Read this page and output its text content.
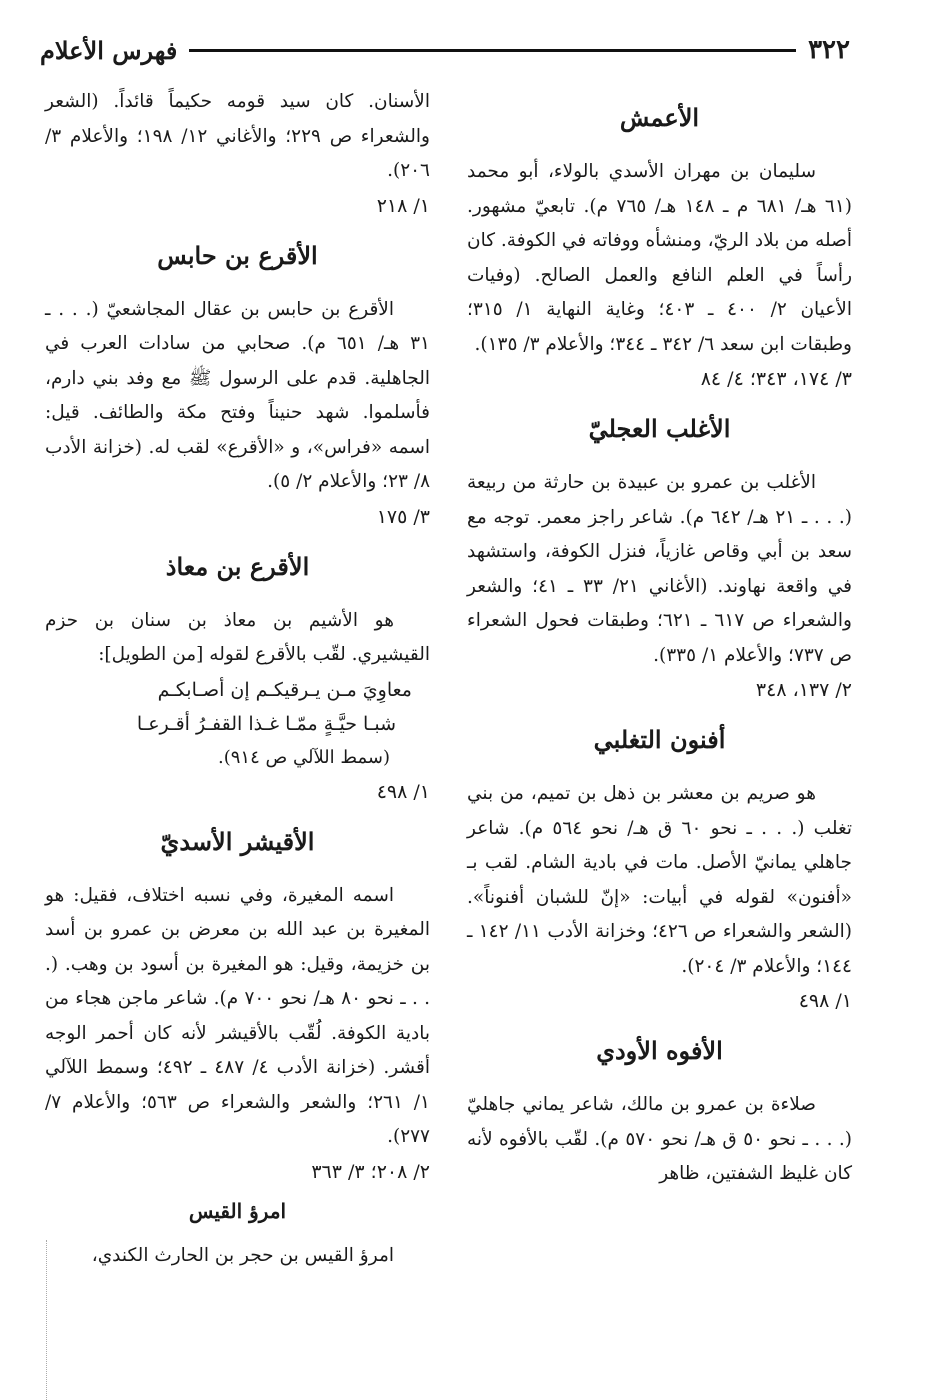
٣٢٢
فهرس الأعلام
الأعمش

سليمان بن مهران الأسدي بالولاء، أبو محمد (٦١ هـ/ ٦٨١ م ـ ١٤٨ هـ/ ٧٦٥ م). تابعيّ مشهور. أصله من بلاد الريّ، ومنشأه ووفاته في الكوفة. كان رأساً في العلم النافع والعمل الصالح. (وفيات الأعيان ٢/ ٤٠٠ ـ ٤٠٣؛ وغاية النهاية ١/ ٣١٥؛ وطبقات ابن سعد ٦/ ٣٤٢ ـ ٣٤٤؛ والأعلام ٣/ ١٣٥).

٣/ ١٧٤، ٣٤٣؛ ٤/ ٨٤

الأغلب العجليّ

الأغلب بن عمرو بن عبيدة بن حارثة من ربيعة (. . . ـ ٢١ هـ/ ٦٤٢ م). شاعر راجز معمر. توجه مع سعد بن أبي وقاص غازياً، فنزل الكوفة، واستشهد في واقعة نهاوند. (الأغاني ٢١/ ٣٣ ـ ٤١؛ والشعر والشعراء ص ٦١٧ ـ ٦٢١؛ وطبقات فحول الشعراء ص ٧٣٧؛ والأعلام ١/ ٣٣٥).

٢/ ١٣٧، ٣٤٨

أفنون التغلبي

هو صريم بن معشر بن ذهل بن تميم، من بني تغلب (. . . ـ نحو ٦٠ ق هـ/ نحو ٥٦٤ م). شاعر جاهلي يمانيّ الأصل. مات في بادية الشام. لقب بـ «أفنون» لقوله في أبيات: «إنّ للشبان أفنوناً». (الشعر والشعراء ص ٤٢٦؛ وخزانة الأدب ١١/ ١٤٢ ـ ١٤٤؛ والأعلام ٣/ ٢٠٤).

١/ ٤٩٨

الأفوه الأودي

صلاءة بن عمرو بن مالك، شاعر يماني جاهليّ (. . . ـ نحو ٥٠ ق هـ/ نحو ٥٧٠ م). لقّب بالأفوه لأنه كان غليظ الشفتين، ظاهر

الأسنان. كان سيد قومه حكيماً قائداً. (الشعر والشعراء ص ٢٢٩؛ والأغاني ١٢/ ١٩٨؛ والأعلام ٣/ ٢٠٦).

١/ ٢١٨

الأقرع بن حابس

الأقرع بن حابس بن عقال المجاشعيّ (. . . ـ ٣١ هـ/ ٦٥١ م). صحابي من سادات العرب في الجاهلية. قدم على الرسول ﷺ مع وفد بني دارم، فأسلموا. شهد حنيناً وفتح مكة والطائف. قيل: اسمه «فراس»، و «الأقرع» لقب له. (خزانة الأدب ٨/ ٢٣؛ والأعلام ٢/ ٥).

٣/ ١٧٥

الأقرع بن معاذ

هو الأشيم بن معاذ بن سنان بن حزم القيشيري. لقّب بالأقرع لقوله [من الطويل]:

معاوِيَ مـن يـرقيكـم إن أصـابكـم

شبـا حيَّـةٍ ممّـا غـذا القفـرُ أقـرعـا

(سمط اللآلي ص ٩١٤).

١/ ٤٩٨

الأقيشر الأسديّ

اسمه المغيرة، وفي نسبه اختلاف، فقيل: هو المغيرة بن عبد الله بن معرض بن عمرو بن أسد بن خزيمة، وقيل: هو المغيرة بن أسود بن وهب. (. . . ـ نحو ٨٠ هـ/ نحو ٧٠٠ م). شاعر ماجن هجاء من بادية الكوفة. لُقّب بالأقيشر لأنه كان أحمر الوجه أقشر. (خزانة الأدب ٤/ ٤٨٧ ـ ٤٩٢؛ وسمط اللآلي ١/ ٢٦١؛ والشعر والشعراء ص ٥٦٣؛ والأعلام ٧/ ٢٧٧).

٢/ ٢٠٨؛ ٣/ ٣٦٣

امرؤ القيس

امرؤ القيس بن حجر بن الحارث الكندي،
